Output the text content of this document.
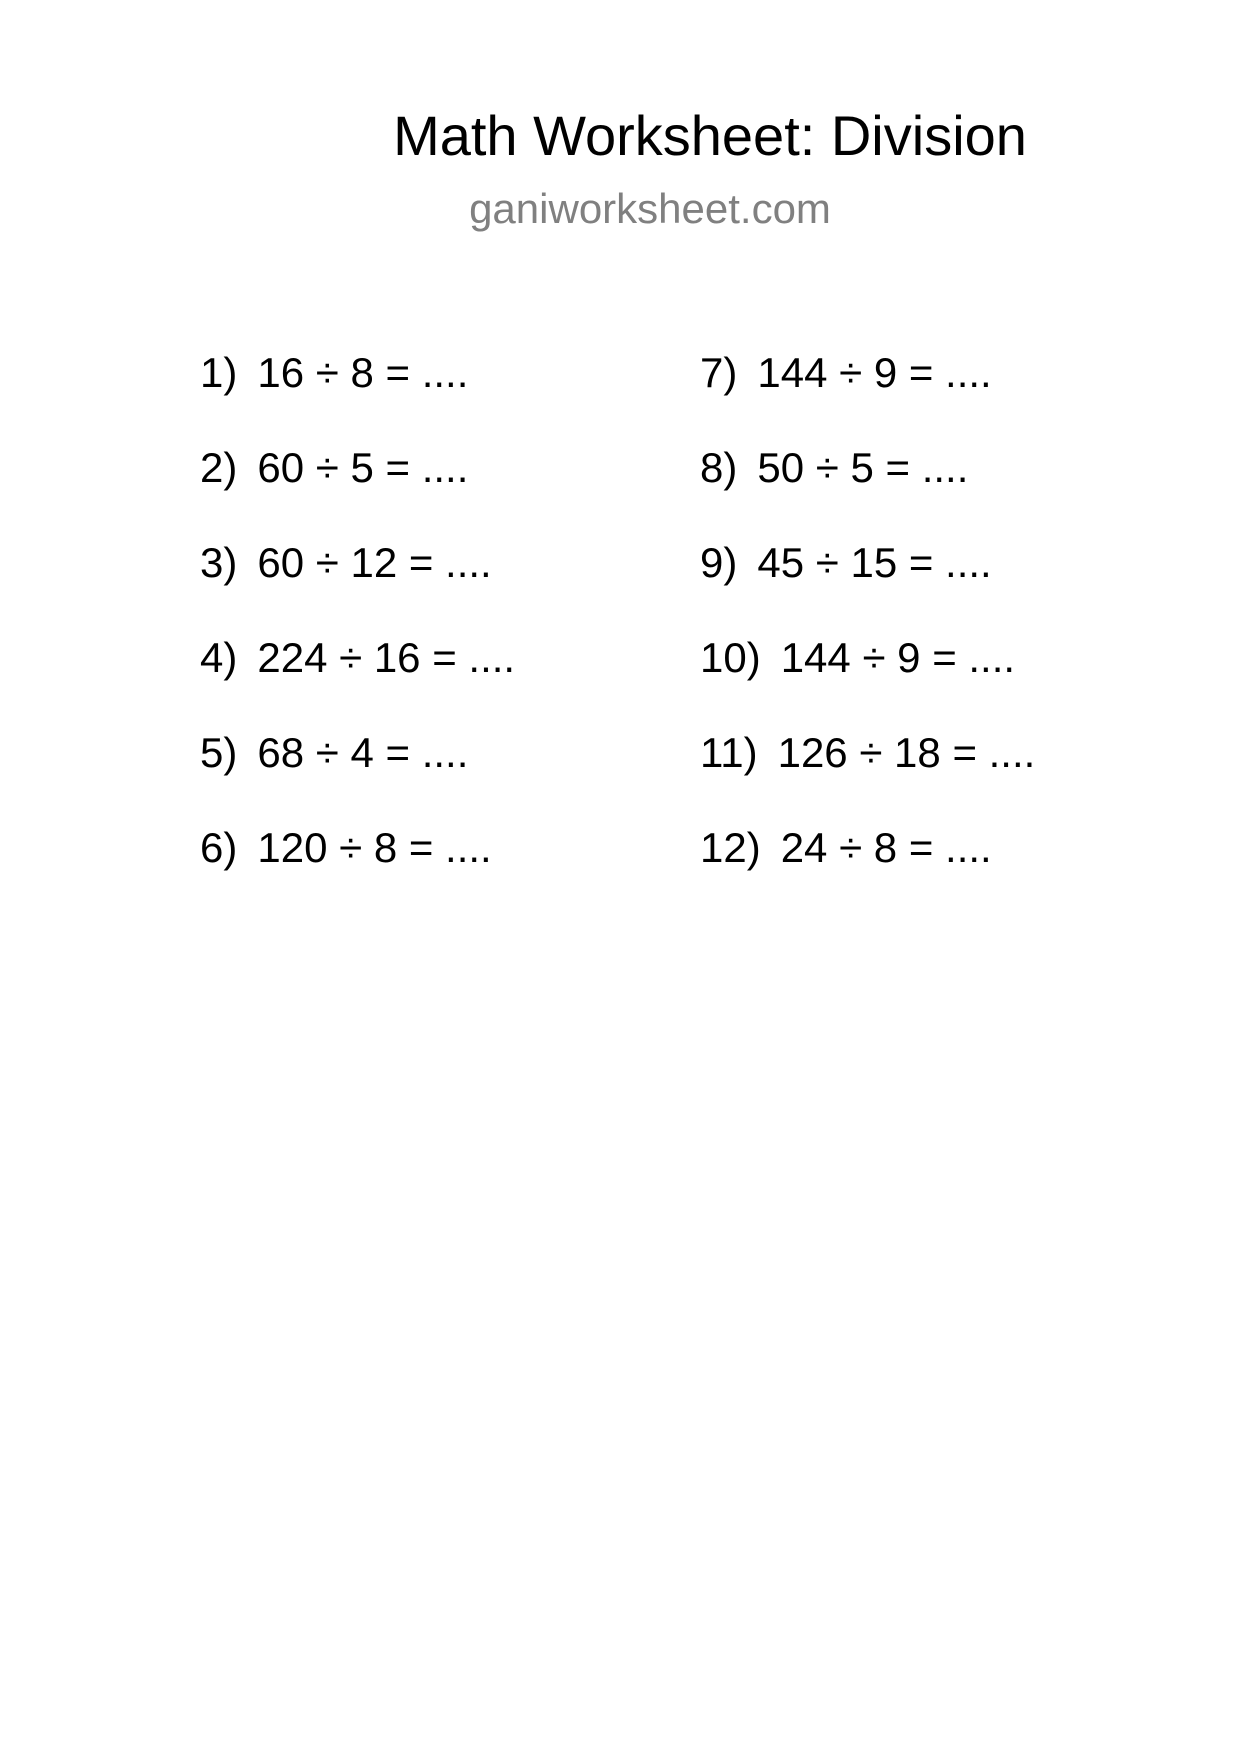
Math Worksheet: Division
ganiworksheet.com
1) 16 ÷ 8 = ....
2) 60 ÷ 5 = ....
3) 60 ÷ 12 = ....
4) 224 ÷ 16 = ....
5) 68 ÷ 4 = ....
6) 120 ÷ 8 = ....
7) 144 ÷ 9 = ....
8) 50 ÷ 5 = ....
9) 45 ÷ 15 = ....
10) 144 ÷ 9 = ....
11) 126 ÷ 18 = ....
12) 24 ÷ 8 = ....
